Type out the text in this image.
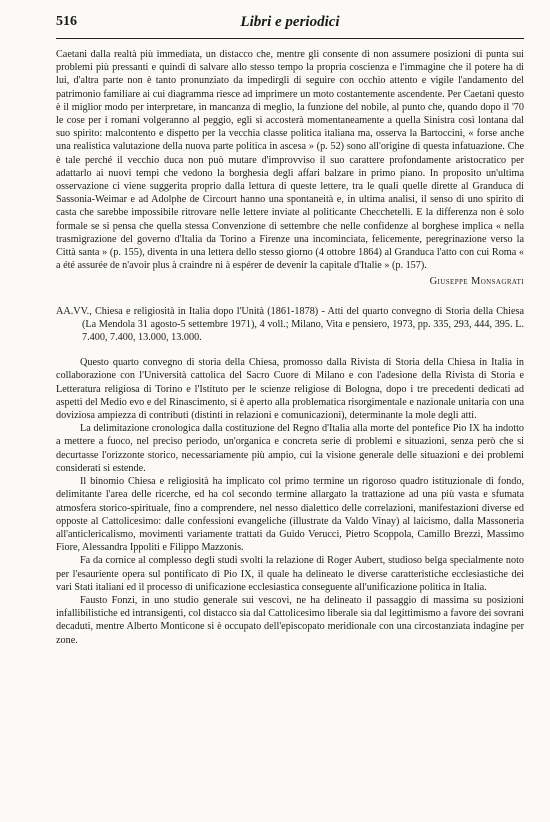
516	Libri e periodici

Caetani dalla realtà più immediata, un distacco che, mentre gli consente di non assumere posizioni di punta sui problemi più pressanti e quindi di salvare allo stesso tempo la propria coscienza e l'immagine che il potere ha di lui, d'altra parte non è tanto pronunziato da impedirgli di seguire con occhio attento e vigile l'andamento del patrimonio familiare ai cui diagramma riesce ad imprimere un moto costantemente ascendente. Per Caetani questo è il miglior modo per interpretare, in mancanza di meglio, la funzione del nobile, al punto che, quando dopo il '70 le cose per i romani volgeranno al peggio, egli si accosterà momentaneamente a quella Sinistra così lontana dal suo spirito: malcontento e dispetto per la vecchia classe politica italiana ma, osserva la Bartoccini, « forse anche una realistica valutazione della nuova parte politica in ascesa » (p. 52) sono all'origine di questa infatuazione. Che è tale perché il vecchio duca non può mutare d'improvviso il suo carattere profondamente aristocratico per adattarlo ai nuovi tempi che vedono la borghesia degli affari balzare in primo piano. In proposito un'ultima osservazione ci viene suggerita proprio dalla lettura di queste lettere, tra le quali quelle dirette al Granduca di Sassonia-Weimar e ad Adolphe de Circourt hanno una spontaneità e, in ultima analisi, il senso di uno spirito di casta che sarebbe impossibile ritrovare nelle lettere inviate al politicante Checchetelli. E la differenza non è solo formale se si pensa che quella stessa Convenzione di settembre che nelle confidenze al borghese implica « nella trasmigrazione del governo d'Italia da Torino a Firenze una incominciata, felicemente, peregrinazione verso la Città santa » (p. 155), diventa in una lettera dello stesso giorno (4 ottobre 1864) al Granduca l'atto con cui Roma « a été assurée de n'avoir plus à craindre ni à espérer de devenir la capitale d'Italie » (p. 157).

Giuseppe Monsagrati

AA.VV., Chiesa e religiosità in Italia dopo l'Unità (1861-1878) - Atti del quarto convegno di Storia della Chiesa (La Mendola 31 agosto-5 settembre 1971), 4 voll.; Milano, Vita e pensiero, 1973, pp. 335, 293, 444, 395. L. 7.400, 7.400, 13.000, 13.000.

Questo quarto convegno di storia della Chiesa, promosso dalla Rivista di Storia della Chiesa in Italia in collaborazione con l'Università cattolica del Sacro Cuore di Milano e con l'adesione della Rivista di Storia e Letteratura religiosa di Torino e l'Istituto per le scienze religiose di Bologna, dopo i tre precedenti dedicati ad aspetti del Medio evo e del Rinascimento, si è aperto alla problematica risorgimentale e nazionale unitaria con una doviziosa ampiezza di contributi (distinti in relazioni e comunicazioni), determinante la mole degli atti.

La delimitazione cronologica dalla costituzione del Regno d'Italia alla morte del pontefice Pio IX ha indotto a mettere a fuoco, nel preciso periodo, un'organica e concreta serie di problemi e situazioni, senza però che si decurtasse l'orizzonte storico, necessariamente più ampio, cui la visione generale delle situazioni e dei problemi considerati si estende.

Il binomio Chiesa e religiosità ha implicato col primo termine un rigoroso quadro istituzionale di fondo, delimitante l'area delle ricerche, ed ha col secondo termine allargato la trattazione ad una più vasta e sfumata atmosfera storico-spirituale, fino a comprendere, nel nesso dialettico delle correlazioni, manifestazioni diverse ed opposte al Cattolicesimo: dalle confessioni evangeliche (illustrate da Valdo Vinay) al laicismo, dalla Massoneria all'anticlericalismo, movimenti variamente trattati da Guido Verucci, Pietro Scoppola, Camillo Brezzi, Massimo Fiore, Alessandra Ippoliti e Filippo Mazzonis.

Fa da cornice al complesso degli studi svolti la relazione di Roger Aubert, studioso belga specialmente noto per l'esauriente opera sul pontificato di Pio IX, il quale ha delineato le diverse caratteristiche ecclesiastiche dei vari Stati italiani ed il processo di unificazione ecclesiastica conseguente all'unificazione politica in Italia.

Fausto Fonzi, in uno studio generale sui vescovi, ne ha delineato il passaggio di massima su posizioni infallibilistiche ed intransigenti, col distacco sia dal Cattolicesimo liberale sia dal legittimismo a favore dei sovrani decaduti, mentre Alberto Monticone si è occupato dell'episcopato meridionale con una circostanziata indagine per zone.
